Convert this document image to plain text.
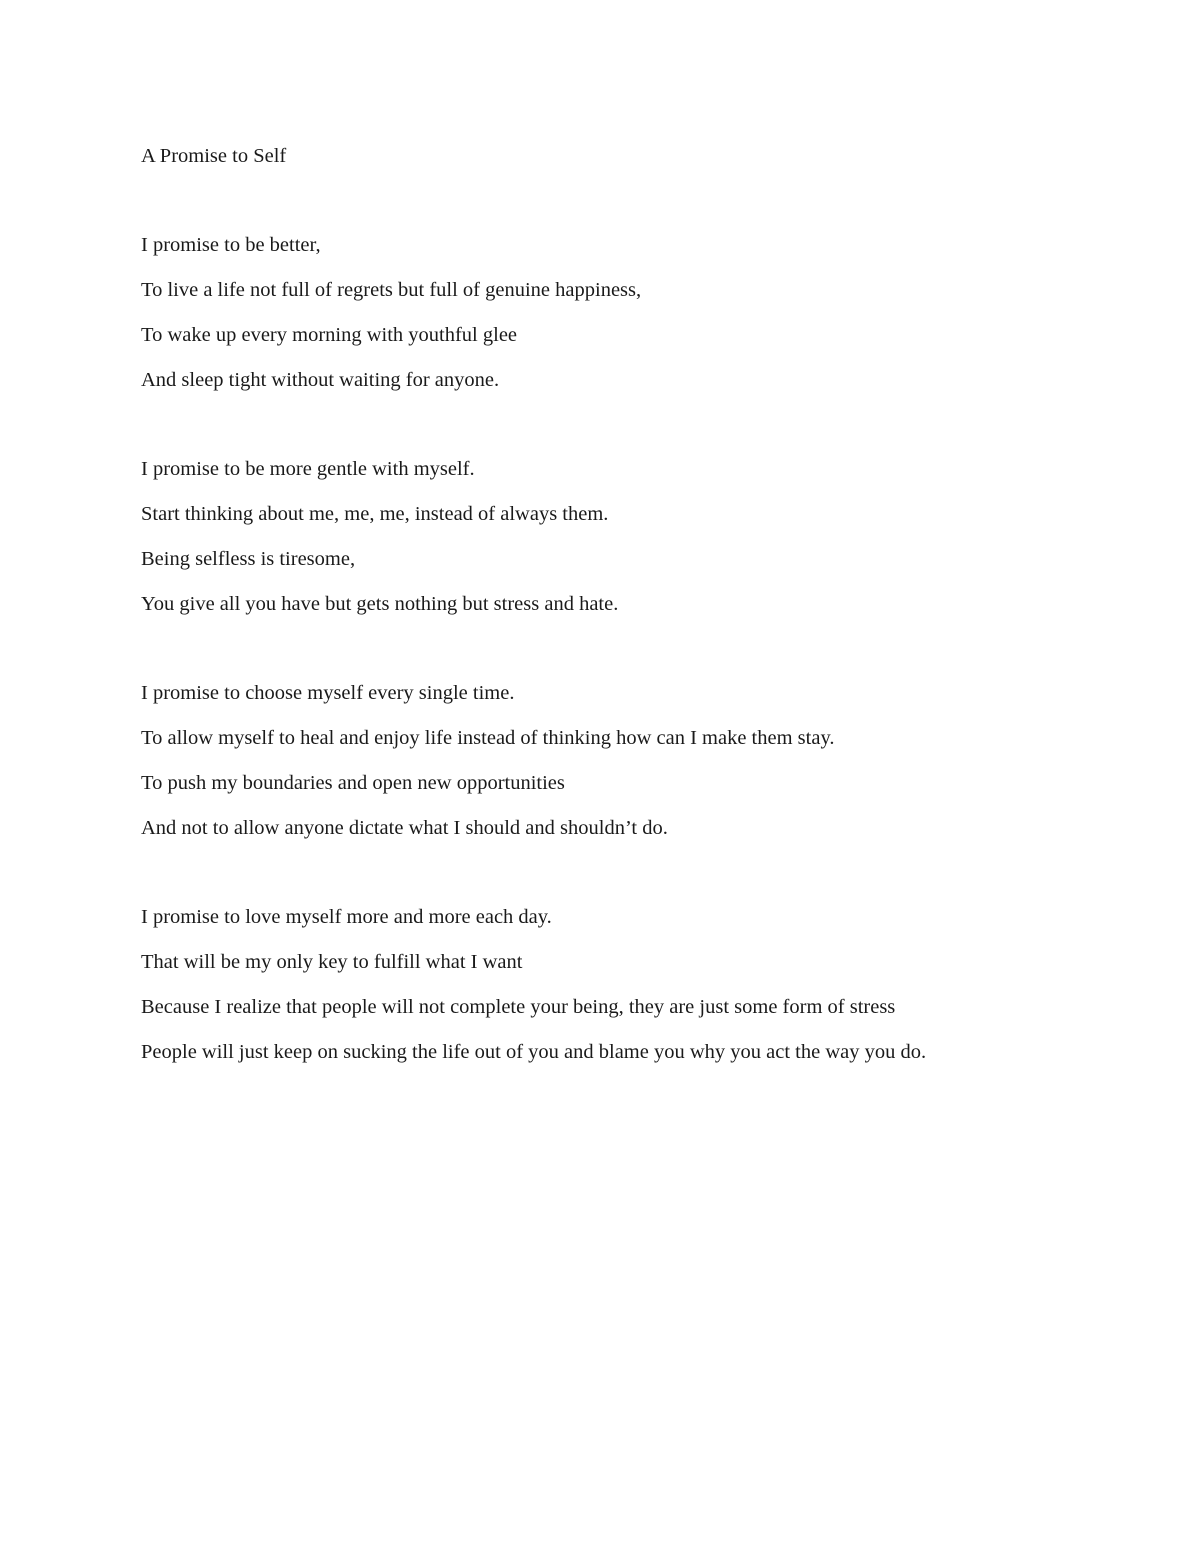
A Promise to Self
I promise to be better,
To live a life not full of regrets but full of genuine happiness,
To wake up every morning with youthful glee
And sleep tight without waiting for anyone.
I promise to be more gentle with myself.
Start thinking about me, me, me, instead of always them.
Being selfless is tiresome,
You give all you have but gets nothing but stress and hate.
I promise to choose myself every single time.
To allow myself to heal and enjoy life instead of thinking how can I make them stay.
To push my boundaries and open new opportunities
And not to allow anyone dictate what I should and shouldn’t do.
I promise to love myself more and more each day.
That will be my only key to fulfill what I want
Because I realize that people will not complete your being, they are just some form of stress
People will just keep on sucking the life out of you and blame you why you act the way you do.
